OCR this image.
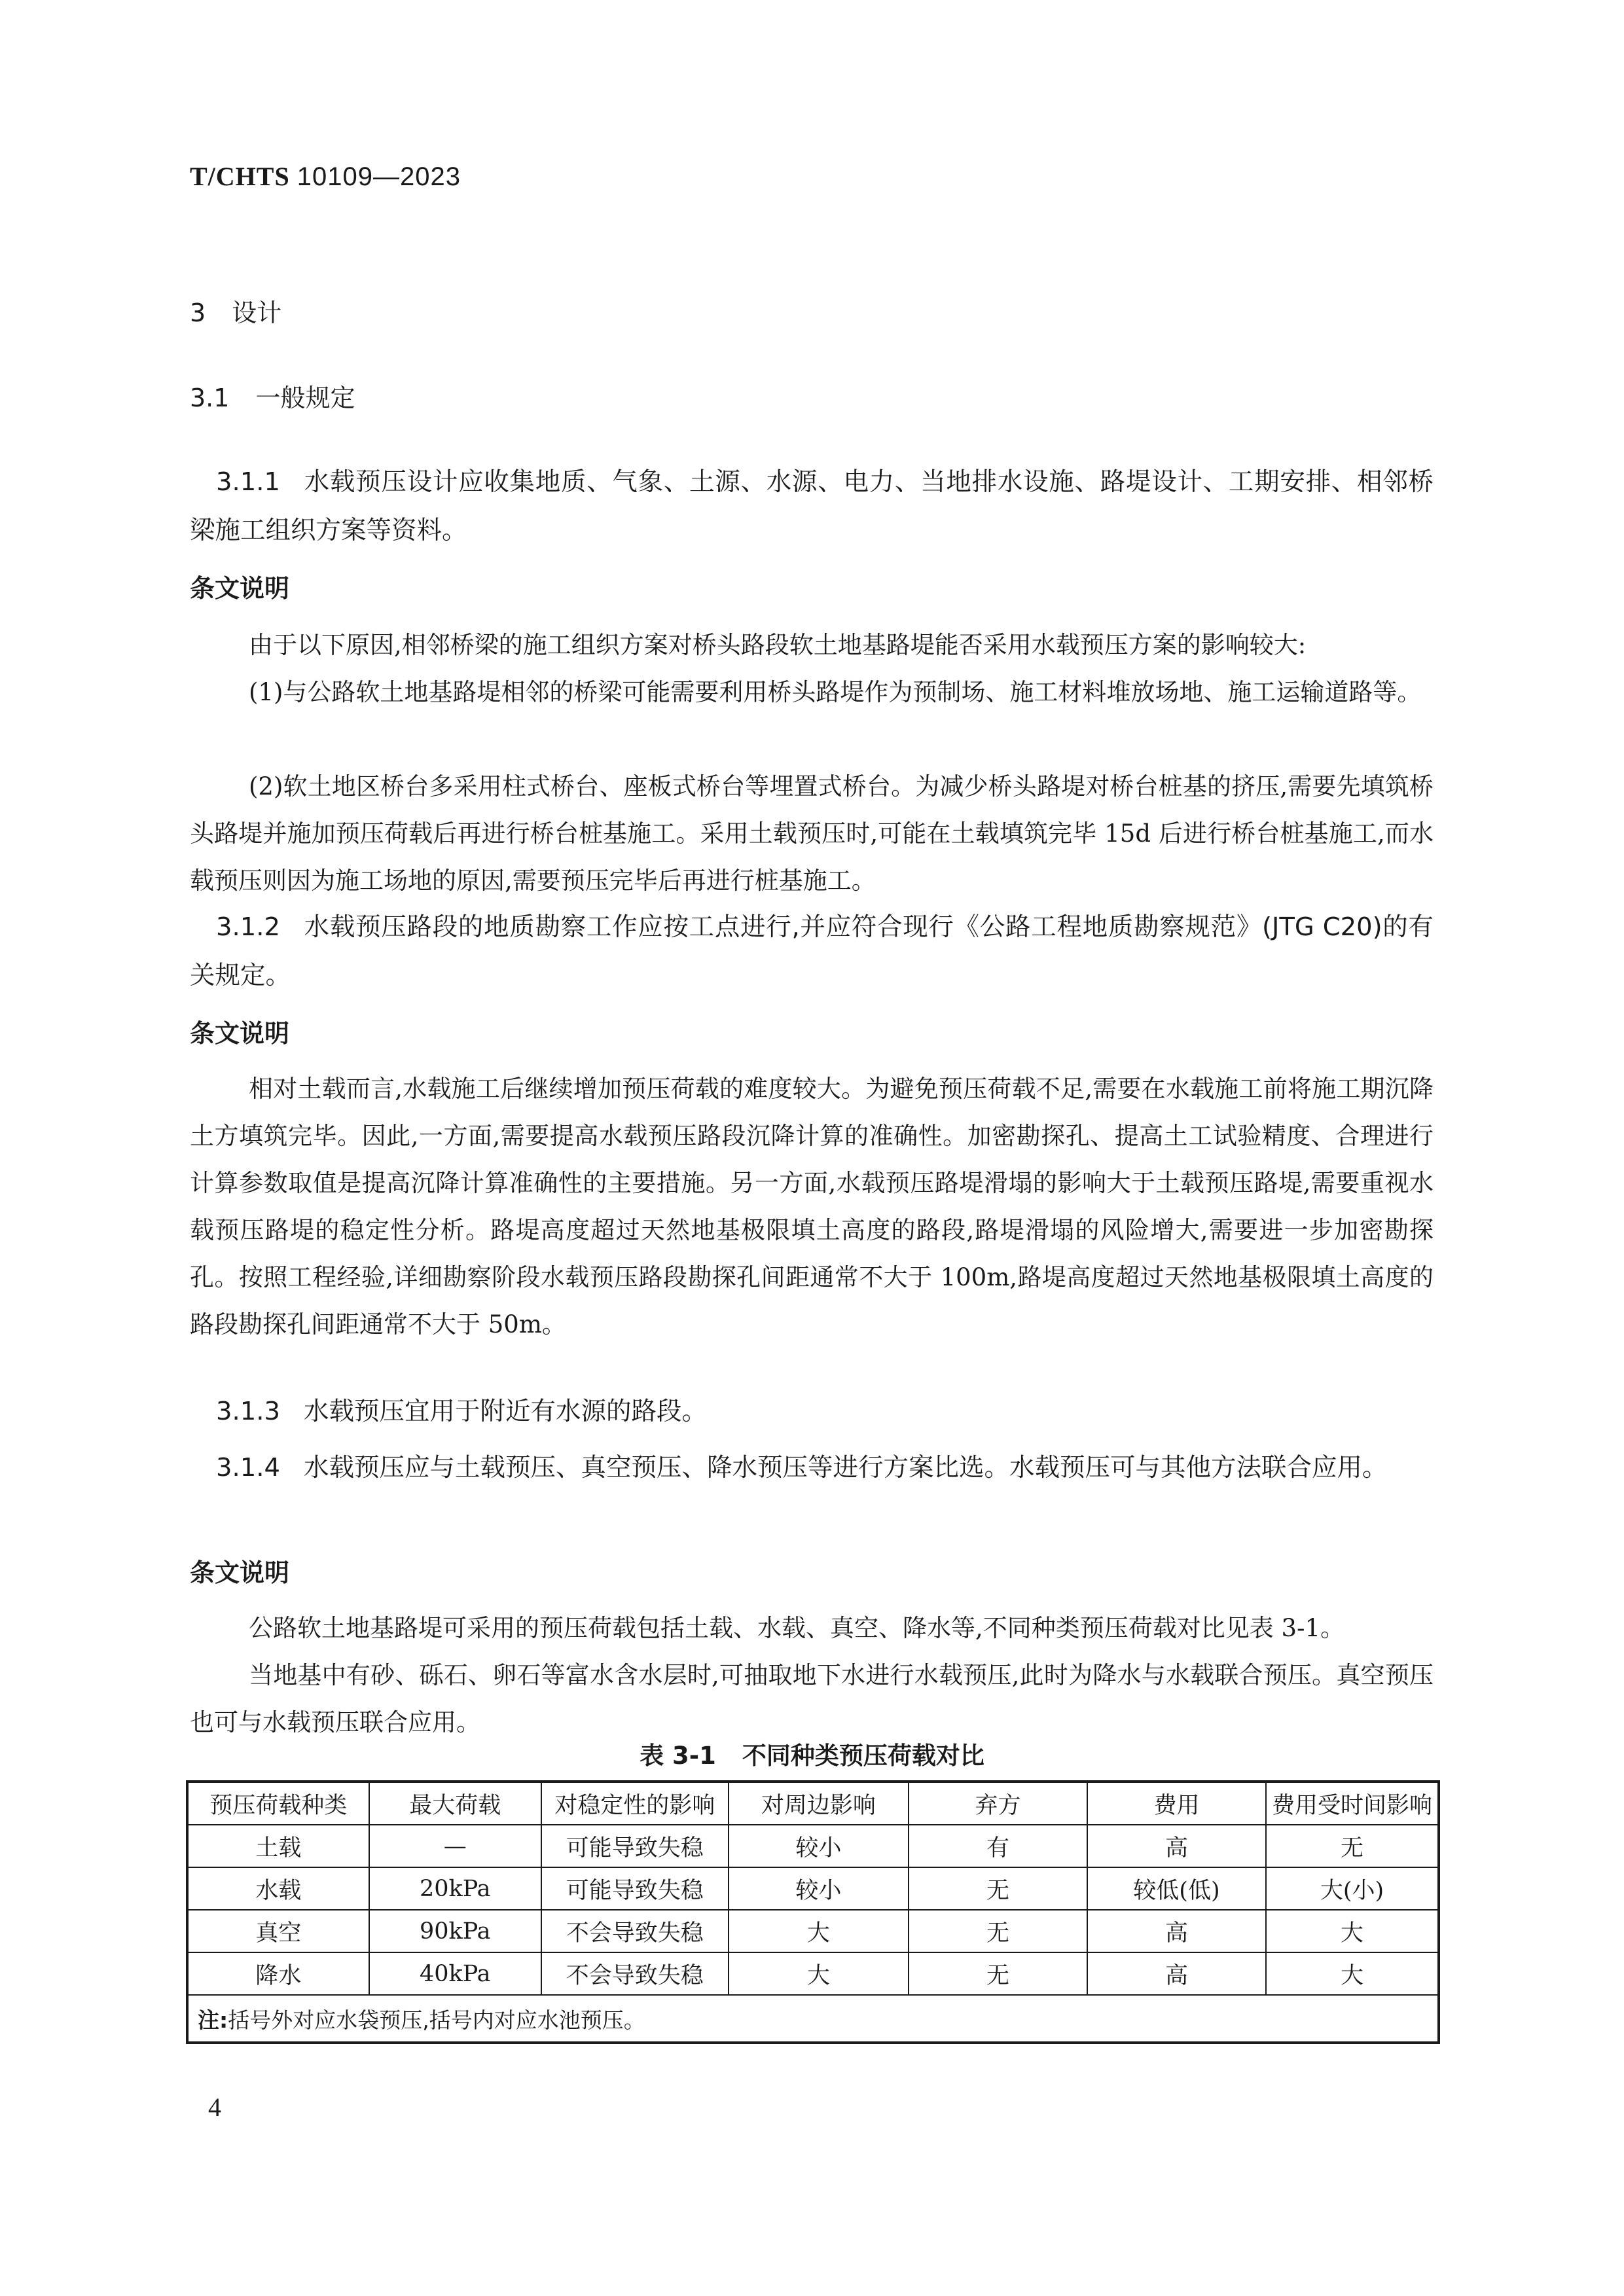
T/CHTS 10109—2023
3 设计
3.1 一般规定
3.1.1 水载预压设计应收集地质、气象、土源、水源、电力、当地排水设施、路堤设计、工期安排、相邻桥梁施工组织方案等资料。
条文说明
由于以下原因,相邻桥梁的施工组织方案对桥头路段软土地基路堤能否采用水载预压方案的影响较大:
(1)与公路软土地基路堤相邻的桥梁可能需要利用桥头路堤作为预制场、施工材料堆放场地、施工运输道路等。
(2)软土地区桥台多采用柱式桥台、座板式桥台等埋置式桥台。为减少桥头路堤对桥台桩基的挤压,需要先填筑桥头路堤并施加预压荷载后再进行桥台桩基施工。采用土载预压时,可能在土载填筑完毕 15d 后进行桥台桩基施工,而水载预压则因为施工场地的原因,需要预压完毕后再进行桩基施工。
3.1.2 水载预压路段的地质勘察工作应按工点进行,并应符合现行《公路工程地质勘察规范》(JTG C20)的有关规定。
条文说明
相对土载而言,水载施工后继续增加预压荷载的难度较大。为避免预压荷载不足,需要在水载施工前将施工期沉降土方填筑完毕。因此,一方面,需要提高水载预压路段沉降计算的准确性。加密勘探孔、提高土工试验精度、合理进行计算参数取值是提高沉降计算准确性的主要措施。另一方面,水载预压路堤滑塌的影响大于土载预压路堤,需要重视水载预压路堤的稳定性分析。路堤高度超过天然地基极限填土高度的路段,路堤滑塌的风险增大,需要进一步加密勘探孔。按照工程经验,详细勘察阶段水载预压路段勘探孔间距通常不大于 100m,路堤高度超过天然地基极限填土高度的路段勘探孔间距通常不大于 50m。
3.1.3 水载预压宜用于附近有水源的路段。
3.1.4 水载预压应与土载预压、真空预压、降水预压等进行方案比选。水载预压可与其他方法联合应用。
条文说明
公路软土地基路堤可采用的预压荷载包括土载、水载、真空、降水等,不同种类预压荷载对比见表 3-1。
当地基中有砂、砾石、卵石等富水含水层时,可抽取地下水进行水载预压,此时为降水与水载联合预压。真空预压也可与水载预压联合应用。
表 3-1 不同种类预压荷载对比
预压荷载种类	最大荷载	对稳定性的影响	对周边影响	弃方	费用	费用受时间影响
土载	—	可能导致失稳	较小	有	高	无
水载	20kPa	可能导致失稳	较小	无	较低(低)	大(小)
真空	90kPa	不会导致失稳	大	无	高	大
降水	40kPa	不会导致失稳	大	无	高	大
注:括号外对应水袋预压,括号内对应水池预压。						
4
